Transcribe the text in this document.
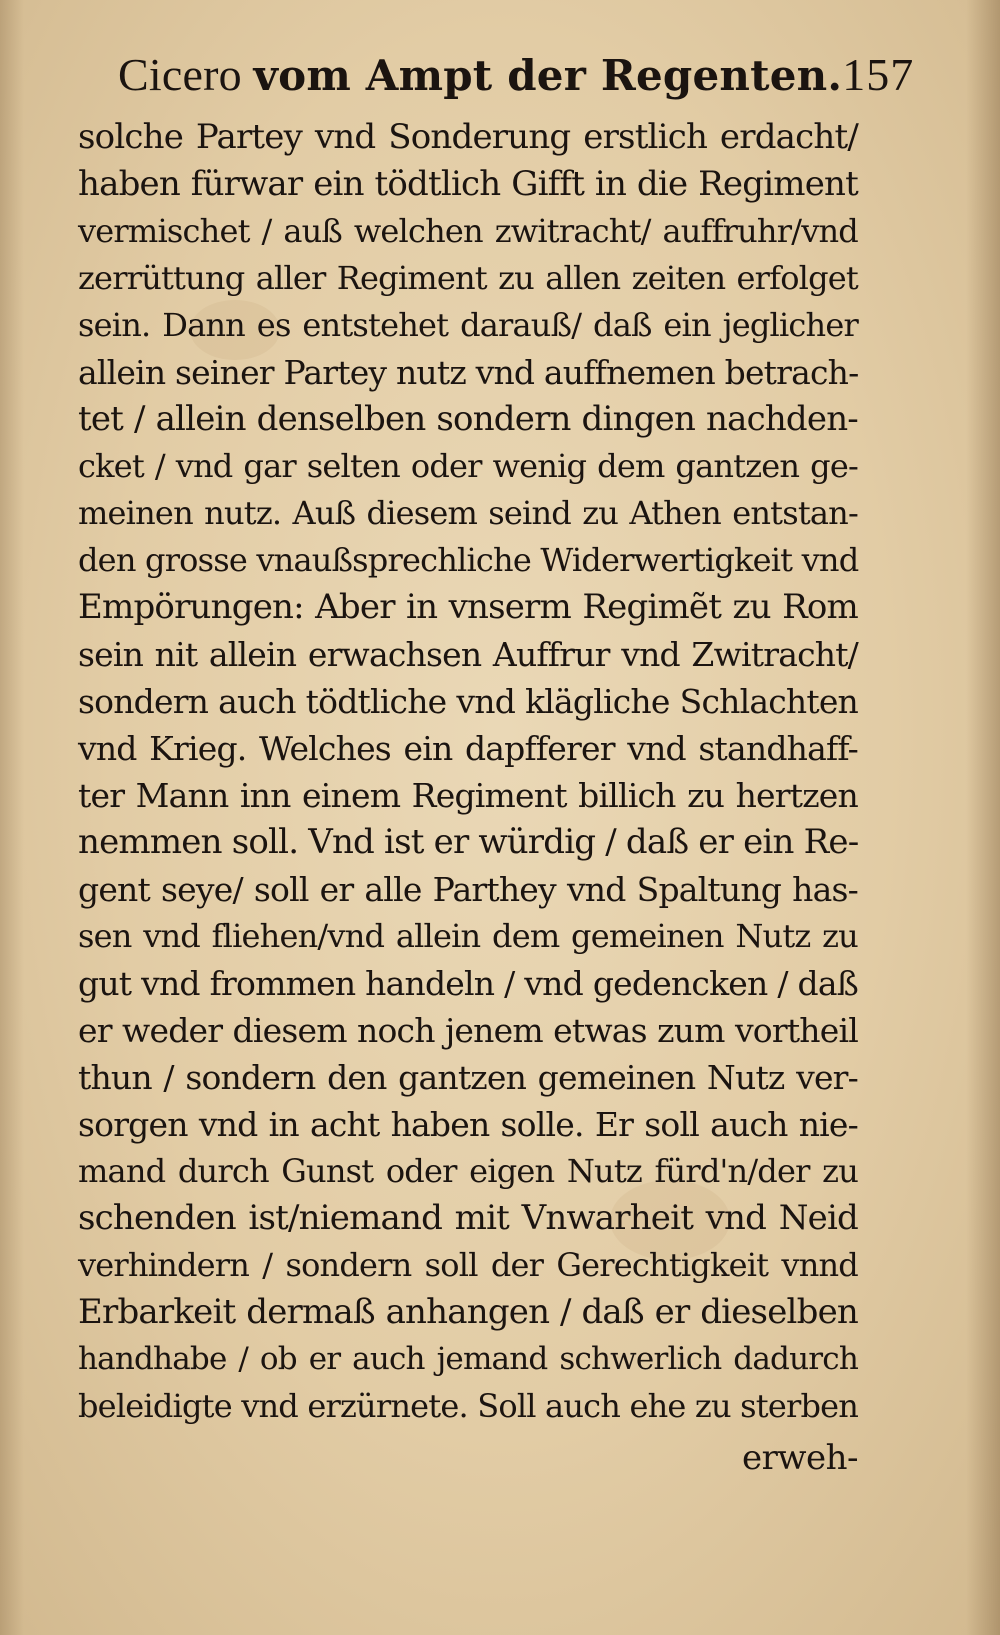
Cicero vom Ampt der Regenten. 157
solche Partey vnd Sonderung erstlich erdacht/
haben fürwar ein tödtlich Gifft in die Regiment
vermischet / auß welchen zwitracht/ auffruhr/vnd
zerrüttung aller Regiment zu allen zeiten erfolget
sein. Dann es entstehet darauß/ daß ein jeglicher
allein seiner Partey nutz vnd auffnemen betrach-
tet / allein denselben sondern dingen nachden-
cket / vnd gar selten oder wenig dem gantzen ge-
meinen nutz. Auß diesem seind zu Athen entstan-
den grosse vnaußsprechliche Widerwertigkeit vnd
Empörungen: Aber in vnserm Regimẽt zu Rom
sein nit allein erwachsen Auffrur vnd Zwitracht/
sondern auch tödtliche vnd klägliche Schlachten
vnd Krieg. Welches ein dapfferer vnd standhaff-
ter Mann inn einem Regiment billich zu hertzen
nemmen soll. Vnd ist er würdig / daß er ein Re-
gent seye/ soll er alle Parthey vnd Spaltung has-
sen vnd fliehen/vnd allein dem gemeinen Nutz zu
gut vnd frommen handeln / vnd gedencken / daß
er weder diesem noch jenem etwas zum vortheil
thun / sondern den gantzen gemeinen Nutz ver-
sorgen vnd in acht haben solle. Er soll auch nie-
mand durch Gunst oder eigen Nutz fürd'n/der zu
schenden ist/niemand mit Vnwarheit vnd Neid
verhindern / sondern soll der Gerechtigkeit vnnd
Erbarkeit dermaß anhangen / daß er dieselben
handhabe / ob er auch jemand schwerlich dadurch
beleidigte vnd erzürnete. Soll auch ehe zu sterben
erweh-
